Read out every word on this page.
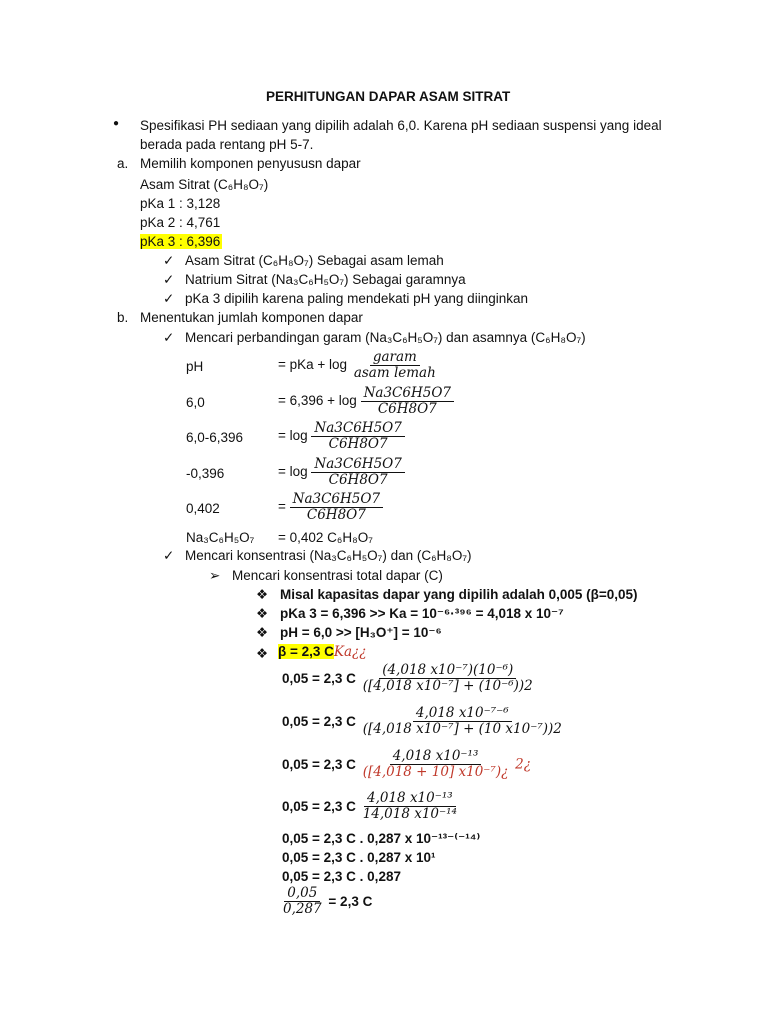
PERHITUNGAN DAPAR ASAM SITRAT
● Spesifikasi PH sediaan yang dipilih adalah 6,0. Karena pH sediaan suspensi yang ideal
berada pada rentang pH 5-7.
a. Memilih komponen penyususn dapar
Asam Sitrat (C₆H₈O₇)
pKa 1 : 3,128
pKa 2 : 4,761
pKa 3 : 6,396
✓ Asam Sitrat (C₆H₈O₇) Sebagai asam lemah
✓ Natrium Sitrat (Na₃C₆H₅O₇) Sebagai garamnya
✓ pKa 3 dipilih karena paling mendekati pH yang diinginkan
b. Menentukan jumlah komponen dapar
✓ Mencari perbandingan garam (Na₃C₆H₅O₇) dan asamnya (C₆H₈O₇)
pH	= pKa + $\log \frac{\text{garam}}{\text{asam lemah}}$
6,0	= $6,396 + \log \frac{Na3C6H5O7}{C6H8O7}$
6,0-6,396	= $\log \frac{Na3C6H5O7}{C6H8O7}$
-0,396	= $\log \frac{Na3C6H5O7}{C6H8O7}$
0,402	= $\frac{Na3C6H5O7}{C6H8O7}$
Na₃C₆H₅O₇ = 0,402 C₆H₈O₇
✓ Mencari konsentrasi (Na₃C₆H₅O₇) dan (C₆H₈O₇)
➢ Mencari konsentrasi total dapar (C)
❖ Misal kapasitas dapar yang dipilih adalah 0,005 (β=0,05)
❖ pKa 3 = 6,396 >> Ka = 10⁻⁶·³⁹⁶ = 4,018 x 10⁻⁷
❖ pH = 6,0 >> [H₃O⁺] = 10⁻⁶
❖ β = 2,3 CKa¿¿
0,05 = 2,3 C $\frac{\text{(4,018 x10⁻⁷)(10⁻⁶)}}{\text{([4,018 x10⁻⁷] + (10⁻⁶))2}}$
0,05 = 2,3 C $\frac{\text{4,018 x10⁻⁷⁻⁶}}{\text{([4,018 x10⁻⁷] + (10 x10⁻⁷))2}}$
0,05 = 2,3 C $\frac{\text{4,018 x10⁻¹³}}{\text{([4,018 + 10] x10⁻⁷)¿}}$ 2¿
0,05 = 2,3 C $\frac{\text{4,018 x10⁻¹³}}{\text{14,018 x10⁻¹⁴}}$
0,05 = 2,3 C . 0,287 x 10⁻¹³⁻⁽⁻¹⁴⁾
0,05 = 2,3 C . 0,287 x 10¹
0,05 = 2,3 C . 0,287
$\frac{0,05}{0,287} = 2,3$ C
